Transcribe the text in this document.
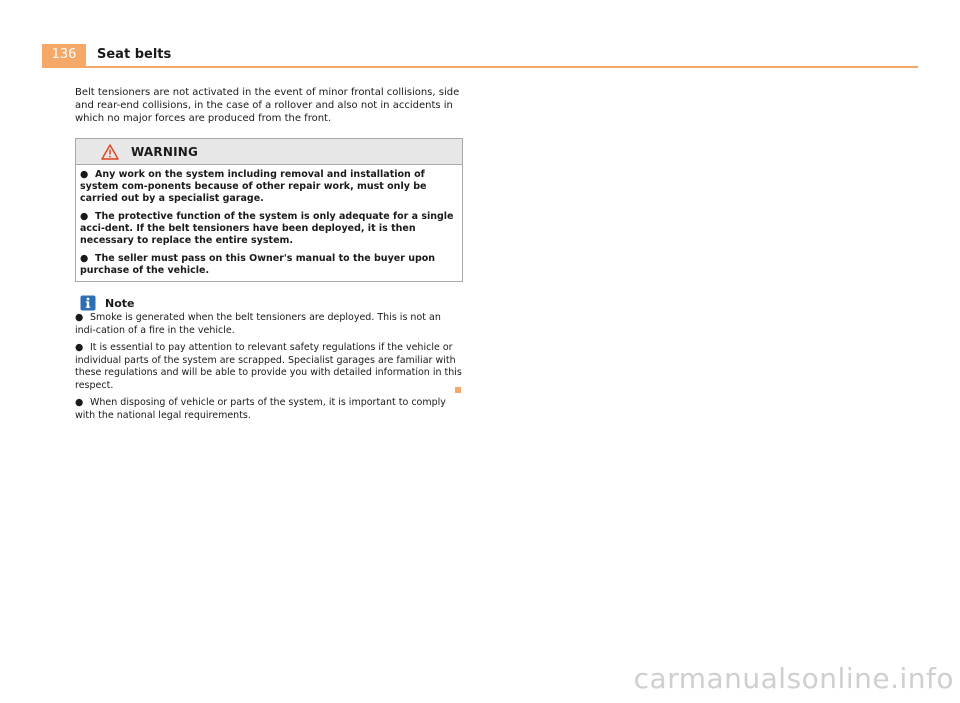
136	Seat belts

Belt tensioners are not activated in the event of minor frontal collisions, side and rear-end collisions, in the case of a rollover and also not in accidents in which no major forces are produced from the front.

WARNING

● Any work on the system including removal and installation of system com-ponents because of other repair work, must only be carried out by a specialist garage.

● The protective function of the system is only adequate for a single acci-dent. If the belt tensioners have been deployed, it is then necessary to replace the entire system.

● The seller must pass on this Owner's manual to the buyer upon purchase of the vehicle.

Note

● Smoke is generated when the belt tensioners are deployed. This is not an indi-cation of a fire in the vehicle.

● It is essential to pay attention to relevant safety regulations if the vehicle or individual parts of the system are scrapped. Specialist garages are familiar with these regulations and will be able to provide you with detailed information in this respect.

● When disposing of vehicle or parts of the system, it is important to comply with the national legal requirements.

carmanualsonline.info
